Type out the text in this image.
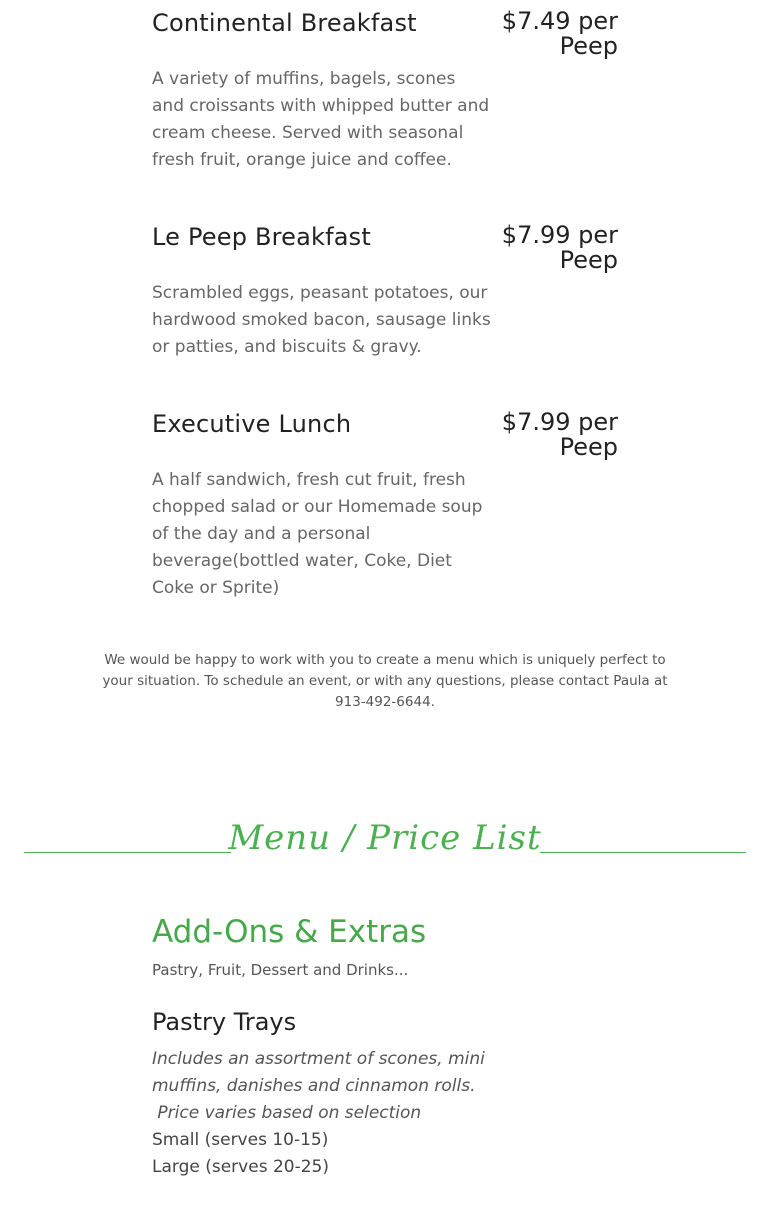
Continental Breakfast	$7.49 per
Peep
A variety of muffins, bagels, scones and croissants with whipped butter and cream cheese. Served with seasonal fresh fruit, orange juice and coffee.
Le Peep Breakfast	$7.99 per
Peep
Scrambled eggs, peasant potatoes, our hardwood smoked bacon, sausage links or patties, and biscuits & gravy.
Executive Lunch	$7.99 per
Peep
A half sandwich, fresh cut fruit, fresh chopped salad or our Homemade soup of the day and a personal beverage(bottled water, Coke, Diet Coke or Sprite)
We would be happy to work with you to create a menu which is uniquely perfect to your situation. To schedule an event, or with any questions, please contact Paula at 913-492-6644.
Menu / Price List
Add-Ons & Extras
Pastry, Fruit, Dessert and Drinks...
Pastry Trays
Includes an assortment of scones, mini muffins, danishes and cinnamon rolls.
Price varies based on selection
Small (serves 10-15)
Large (serves 20-25)
